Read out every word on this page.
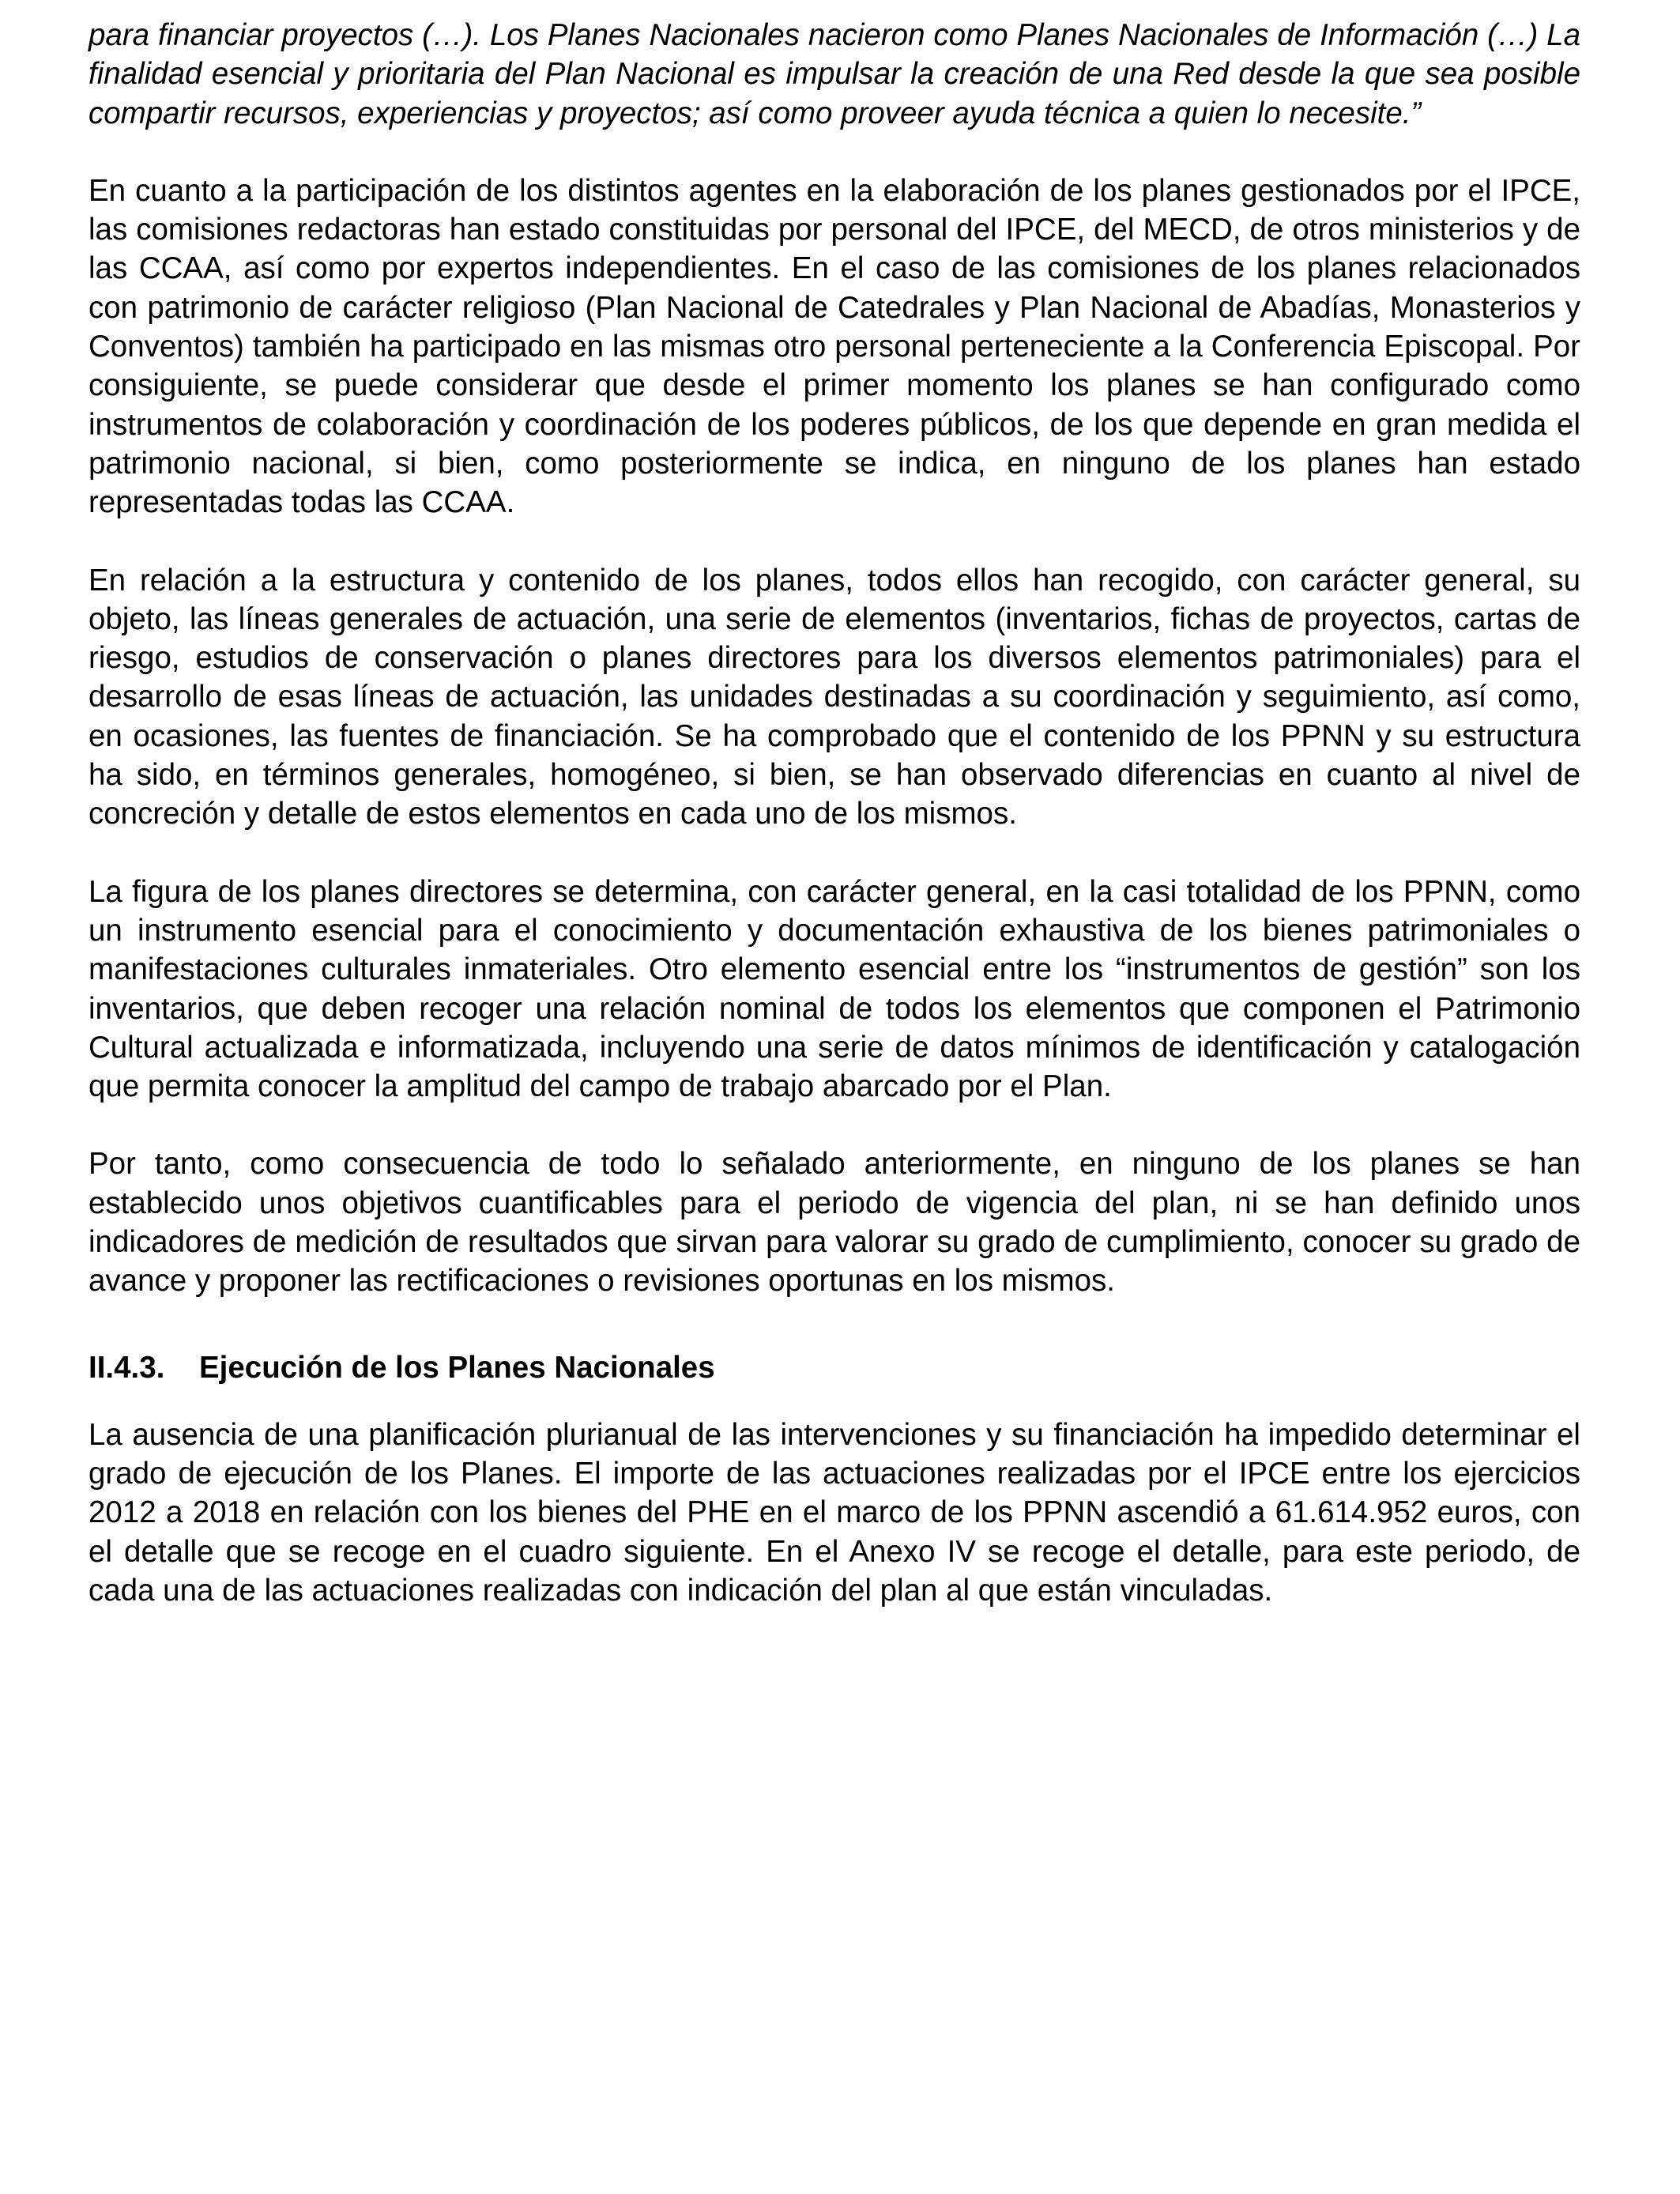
para financiar proyectos (…). Los Planes Nacionales nacieron como Planes Nacionales de Información (…) La finalidad esencial y prioritaria del Plan Nacional es impulsar la creación de una Red desde la que sea posible compartir recursos, experiencias y proyectos; así como proveer ayuda técnica a quien lo necesite.”

En cuanto a la participación de los distintos agentes en la elaboración de los planes gestionados por el IPCE, las comisiones redactoras han estado constituidas por personal del IPCE, del MECD, de otros ministerios y de las CCAA, así como por expertos independientes. En el caso de las comisiones de los planes relacionados con patrimonio de carácter religioso (Plan Nacional de Catedrales y Plan Nacional de Abadías, Monasterios y Conventos) también ha participado en las mismas otro personal perteneciente a la Conferencia Episcopal. Por consiguiente, se puede considerar que desde el primer momento los planes se han configurado como instrumentos de colaboración y coordinación de los poderes públicos, de los que depende en gran medida el patrimonio nacional, si bien, como posteriormente se indica, en ninguno de los planes han estado representadas todas las CCAA.

En relación a la estructura y contenido de los planes, todos ellos han recogido, con carácter general, su objeto, las líneas generales de actuación, una serie de elementos (inventarios, fichas de proyectos, cartas de riesgo, estudios de conservación o planes directores para los diversos elementos patrimoniales) para el desarrollo de esas líneas de actuación, las unidades destinadas a su coordinación y seguimiento, así como, en ocasiones, las fuentes de financiación. Se ha comprobado que el contenido de los PPNN y su estructura ha sido, en términos generales, homogéneo, si bien, se han observado diferencias en cuanto al nivel de concreción y detalle de estos elementos en cada uno de los mismos.

La figura de los planes directores se determina, con carácter general, en la casi totalidad de los PPNN, como un instrumento esencial para el conocimiento y documentación exhaustiva de los bienes patrimoniales o manifestaciones culturales inmateriales. Otro elemento esencial entre los “instrumentos de gestión” son los inventarios, que deben recoger una relación nominal de todos los elementos que componen el Patrimonio Cultural actualizada e informatizada, incluyendo una serie de datos mínimos de identificación y catalogación que permita conocer la amplitud del campo de trabajo abarcado por el Plan.

Por tanto, como consecuencia de todo lo señalado anteriormente, en ninguno de los planes se han establecido unos objetivos cuantificables para el periodo de vigencia del plan, ni se han definido unos indicadores de medición de resultados que sirvan para valorar su grado de cumplimiento, conocer su grado de avance y proponer las rectificaciones o revisiones oportunas en los mismos.

II.4.3.	Ejecución de los Planes Nacionales

La ausencia de una planificación plurianual de las intervenciones y su financiación ha impedido determinar el grado de ejecución de los Planes. El importe de las actuaciones realizadas por el IPCE entre los ejercicios 2012 a 2018 en relación con los bienes del PHE en el marco de los PPNN ascendió a 61.614.952 euros, con el detalle que se recoge en el cuadro siguiente. En el Anexo IV se recoge el detalle, para este periodo, de cada una de las actuaciones realizadas con indicación del plan al que están vinculadas.
